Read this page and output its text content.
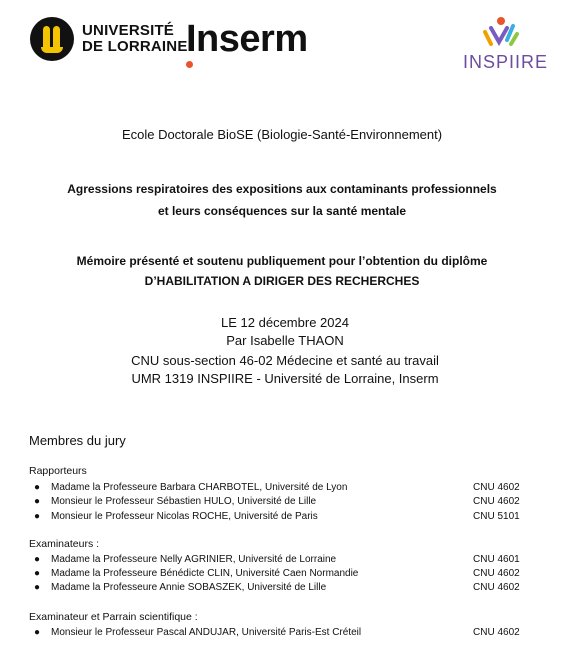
UNIVERSITÉ
DE LORRAINE
Inserm
INSPIIRE
Ecole Doctorale BioSE (Biologie-Santé-Environnement)
Agressions respiratoires des expositions aux contaminants professionnels
et leurs conséquences sur la santé mentale
Mémoire présenté et soutenu publiquement pour l’obtention du diplôme
D’HABILITATION A DIRIGER DES RECHERCHES
LE 12 décembre 2024
Par Isabelle THAON
CNU sous-section 46-02 Médecine et santé au travail
UMR 1319 INSPIIRE - Université de Lorraine, Inserm
Membres du jury
Rapporteurs
● Madame la Professeure Barbara CHARBOTEL, Université de Lyon	CNU 4602
● Monsieur le Professeur Sébastien HULO, Université de Lille	CNU 4602
● Monsieur le Professeur Nicolas ROCHE, Université de Paris	CNU 5101
Examinateurs :
● Madame la Professeure Nelly AGRINIER, Université de Lorraine	CNU 4601
● Madame la Professeure Bénédicte CLIN, Université Caen Normandie	CNU 4602
● Madame la Professeure Annie SOBASZEK, Université de Lille	CNU 4602
Examinateur et Parrain scientifique :
● Monsieur le Professeur Pascal ANDUJAR, Université Paris-Est Créteil	CNU 4602
